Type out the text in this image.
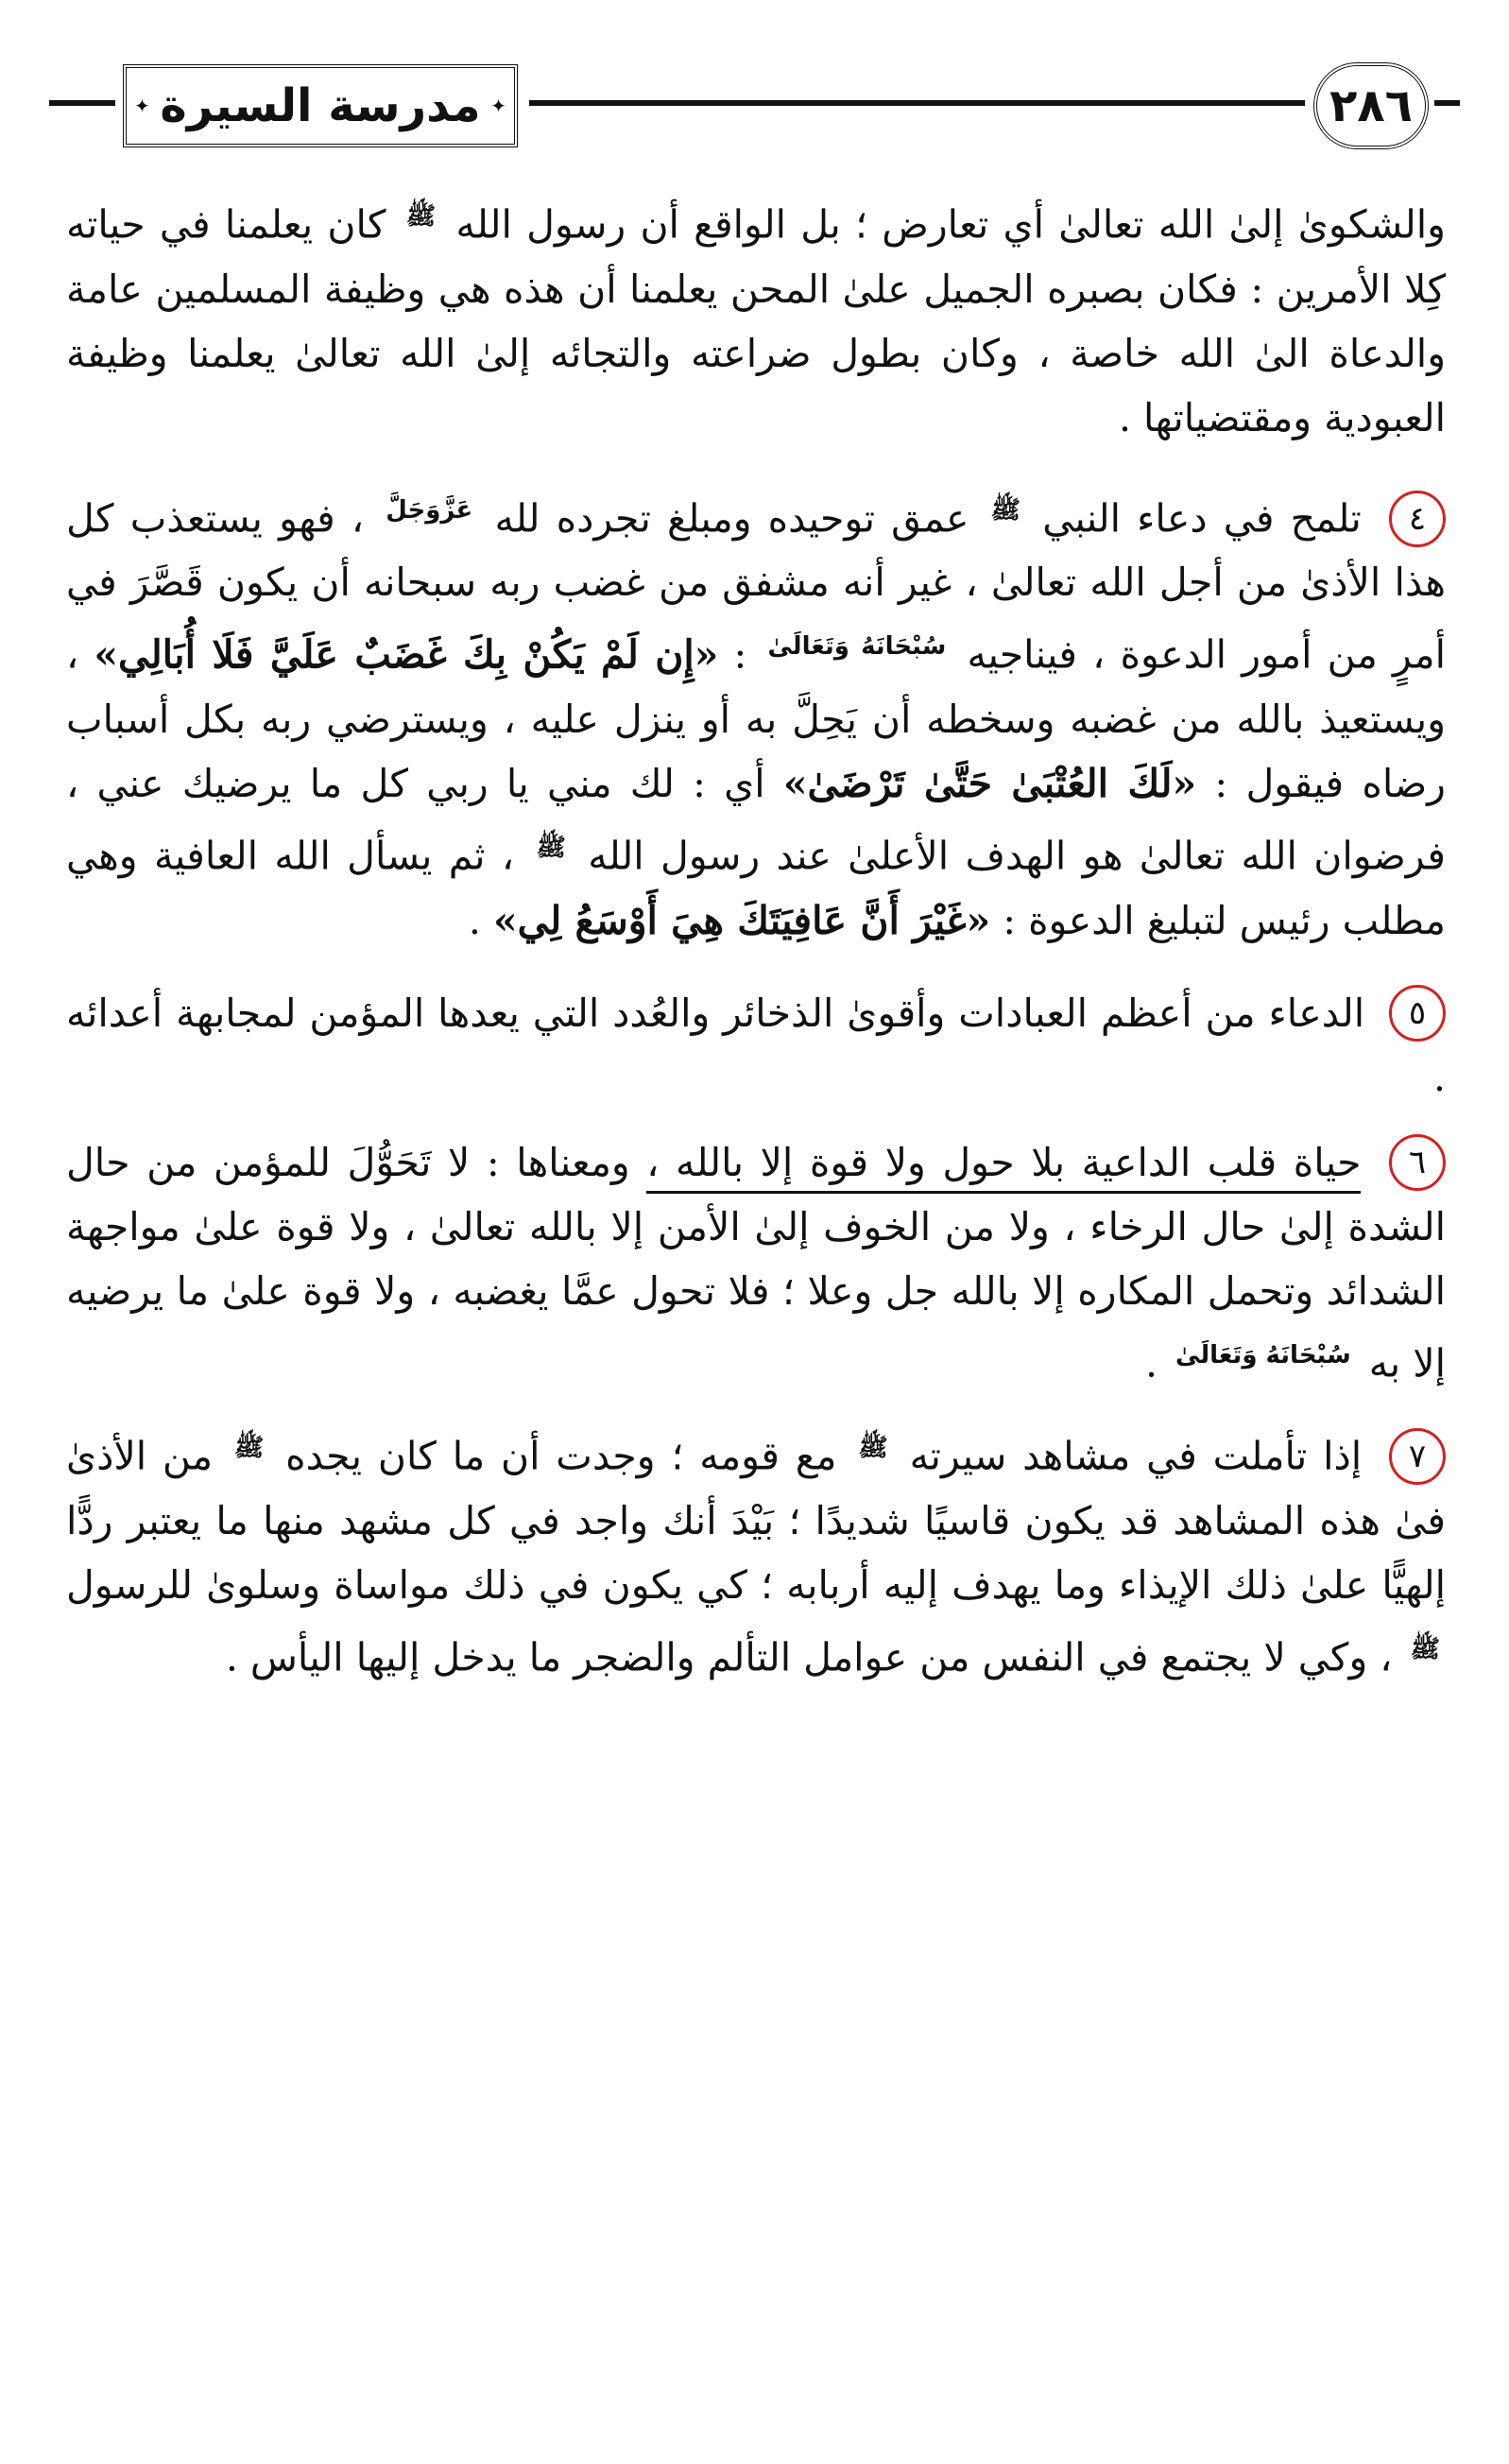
✦ مدرسة السيرة
✦	٢٨٦

والشكوىٰ إلىٰ الله تعالىٰ أي تعارض ؛ بل الواقع أن رسول الله $^ﷺ$ كان يعلمنا في حياته كِلا الأمرين : فكان بصبره الجميل علىٰ المحن يعلمنا أن هذه هي وظيفة المسلمين عامة والدعاة الىٰ الله خاصة ، وكان بطول ضراعته والتجائه إلىٰ الله تعالىٰ يعلمنا وظيفة العبودية ومقتضياتها .

٤ تلمح في دعاء النبي $^ﷺ$ عمق توحيده ومبلغ تجرده لله $^{عَزَّوَجَلَّ}$ ، فهو يستعذب كل هذا الأذىٰ من أجل الله تعالىٰ ، غير أنه مشفق من غضب ربه سبحانه أن يكون قَصَّرَ في أمرٍ من أمور الدعوة ، فيناجيه $^{سُبْحَانَهُ وَتَعَالَىٰ}$ : «إِن لَمْ يَكُنْ بِكَ غَضَبٌ عَلَيَّ فَلَا أُبَالِي» ، ويستعيذ بالله من غضبه وسخطه أن يَحِلَّ به أو ينزل عليه ، ويسترضي ربه بكل أسباب رضاه فيقول : «لَكَ العُتْبَىٰ حَتَّىٰ تَرْضَىٰ» أي : لك مني يا ربي كل ما يرضيك عني ، فرضوان الله تعالىٰ هو الهدف الأعلىٰ عند رسول الله $^ﷺ$ ، ثم يسأل الله العافية وهي مطلب رئيس لتبليغ الدعوة : «غَيْرَ أَنَّ عَافِيَتَكَ هِيَ أَوْسَعُ لِي» .

٥ الدعاء من أعظم العبادات وأقوىٰ الذخائر والعُدد التي يعدها المؤمن لمجابهة أعدائه .

٦ حياة قلب الداعية بلا حول ولا قوة إلا بالله ، ومعناها : لا تَحَوُّلَ للمؤمن من حال الشدة إلىٰ حال الرخاء ، ولا من الخوف إلىٰ الأمن إلا بالله تعالىٰ ، ولا قوة علىٰ مواجهة الشدائد وتحمل المكاره إلا بالله جل وعلا ؛ فلا تحول عمَّا يغضبه ، ولا قوة علىٰ ما يرضيه إلا به $^{سُبْحَانَهُ وَتَعَالَىٰ}$ .

٧ إذا تأملت في مشاهد سيرته $^ﷺ$ مع قومه ؛ وجدت أن ما كان يجده $^ﷺ$ من الأذىٰ فىٰ هذه المشاهد قد يكون قاسيًا شديدًا ؛ بَيْدَ أنك واجد في كل مشهد منها ما يعتبر ردًّا إلهيًّا علىٰ ذلك الإيذاء وما يهدف إليه أربابه ؛ كي يكون في ذلك مواساة وسلوىٰ للرسول $^ﷺ$ ، وكي لا يجتمع في النفس من عوامل التألم والضجر ما يدخل إليها اليأس .
